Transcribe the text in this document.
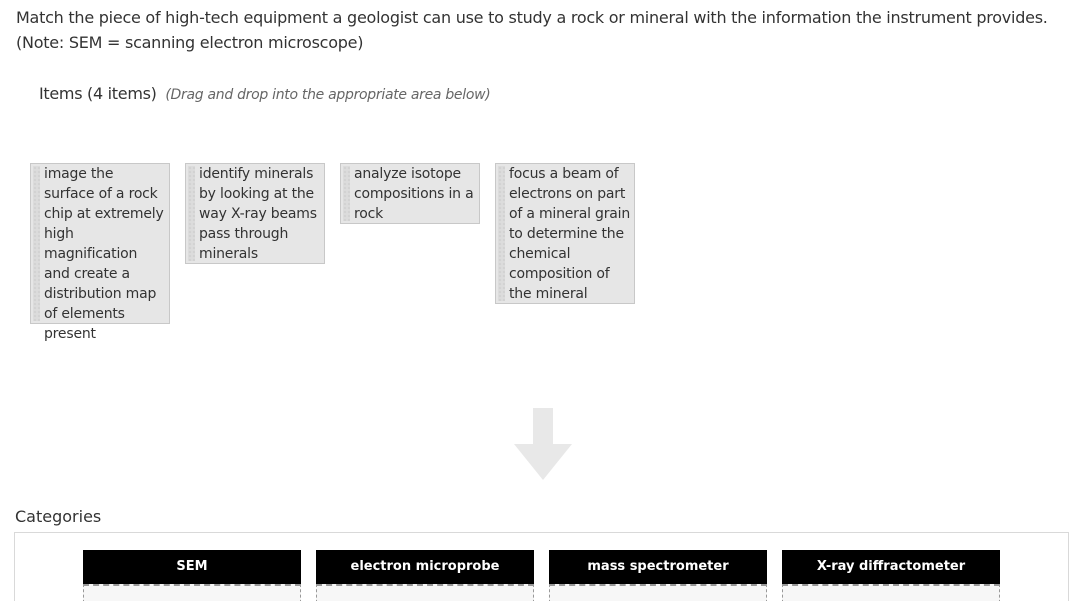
Match the piece of high-tech equipment a geologist can use to study a rock or mineral with the information the instrument provides.
(Note: SEM = scanning electron microscope)
Items (4 items) (Drag and drop into the appropriate area below)
image the surface of a rock chip at extremely high magnification and create a distribution map of elements present
identify minerals by looking at the way X-ray beams pass through minerals
analyze isotope compositions in a rock
focus a beam of electrons on part of a mineral grain to determine the chemical composition of the mineral
Categories
SEM	electron microprobe	mass spectrometer	X-ray diffractometer
